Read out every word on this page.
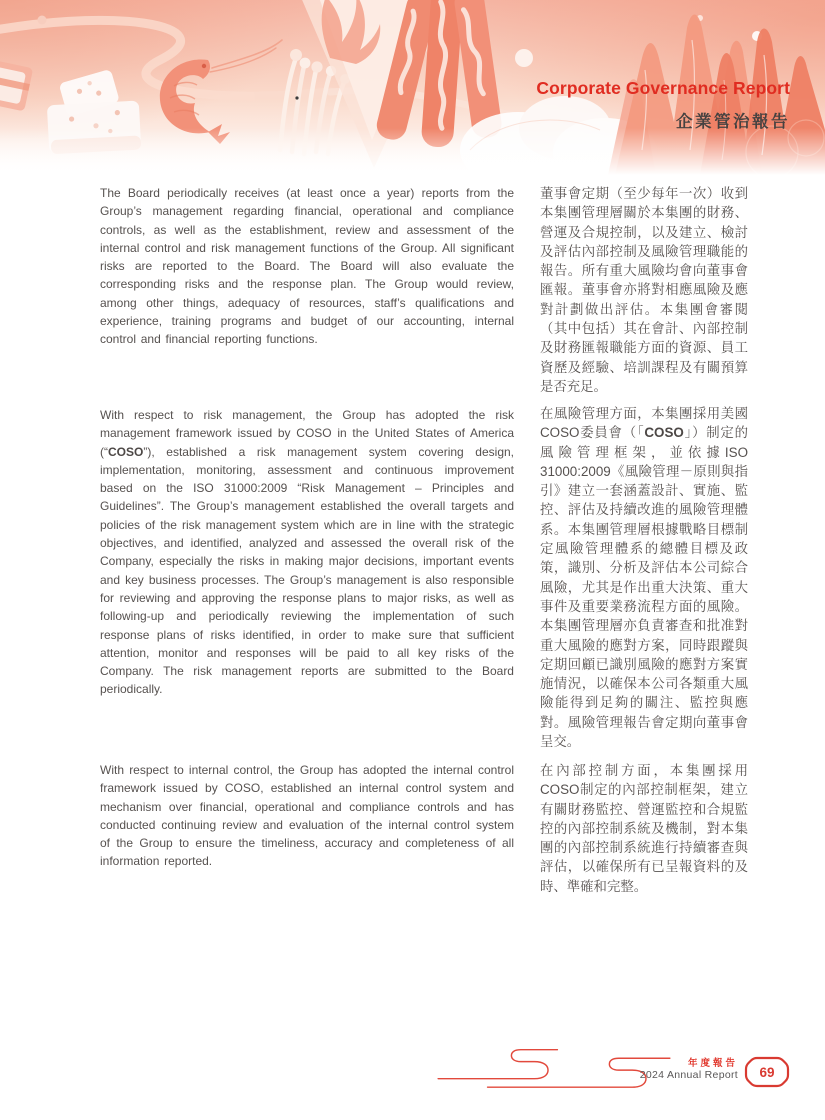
Corporate Governance Report
企業管治報告

The Board periodically receives (at least once a year) reports from the Group’s management regarding financial, operational and compliance controls, as well as the establishment, review and assessment of the internal control and risk management functions of the Group. All significant risks are reported to the Board. The Board will also evaluate the corresponding risks and the response plan. The Group would review, among other things, adequacy of resources, staff’s qualifications and experience, training programs and budget of our accounting, internal control and financial reporting functions.

With respect to risk management, the Group has adopted the risk management framework issued by COSO in the United States of America (“COSO”), established a risk management system covering design, implementation, monitoring, assessment and continuous improvement based on the ISO 31000:2009 “Risk Management – Principles and Guidelines”. The Group’s management established the overall targets and policies of the risk management system which are in line with the strategic objectives, and identified, analyzed and assessed the overall risk of the Company, especially the risks in making major decisions, important events and key business processes. The Group’s management is also responsible for reviewing and approving the response plans to major risks, as well as following-up and periodically reviewing the implementation of such response plans of risks identified, in order to make sure that sufficient attention, monitor and responses will be paid to all key risks of the Company. The risk management reports are submitted to the Board periodically.

With respect to internal control, the Group has adopted the internal control framework issued by COSO, established an internal control system and mechanism over financial, operational and compliance controls and has conducted continuing review and evaluation of the internal control system of the Group to ensure the timeliness, accuracy and completeness of all information reported.

董事會定期（至少每年一次）收到本集團管理層關於本集團的財務、營運及合規控制，以及建立、檢討及評估內部控制及風險管理職能的報告。所有重大風險均會向董事會匯報。董事會亦將對相應風險及應對計劃做出評估。本集團會審閱（其中包括）其在會計、內部控制及財務匯報職能方面的資源、員工資歷及經驗、培訓課程及有關預算是否充足。

在風險管理方面，本集團採用美國COSO委員會（「COSO」）制定的風險管理框架，並依據ISO 31000:2009《風險管理－原則與指引》建立一套涵蓋設計、實施、監控、評估及持續改進的風險管理體系。本集團管理層根據戰略目標制定風險管理體系的總體目標及政策，識別、分析及評估本公司綜合風險，尤其是作出重大決策、重大事件及重要業務流程方面的風險。本集團管理層亦負責審查和批准對重大風險的應對方案，同時跟蹤與定期回顧已識別風險的應對方案實施情況，以確保本公司各類重大風險能得到足夠的關注、監控與應對。風險管理報告會定期向董事會呈交。

在內部控制方面，本集團採用COSO制定的內部控制框架，建立有關財務監控、營運監控和合規監控的內部控制系統及機制，對本集團的內部控制系統進行持續審查與評估，以確保所有已呈報資料的及時、準確和完整。

年度報告
2024 Annual Report	69
